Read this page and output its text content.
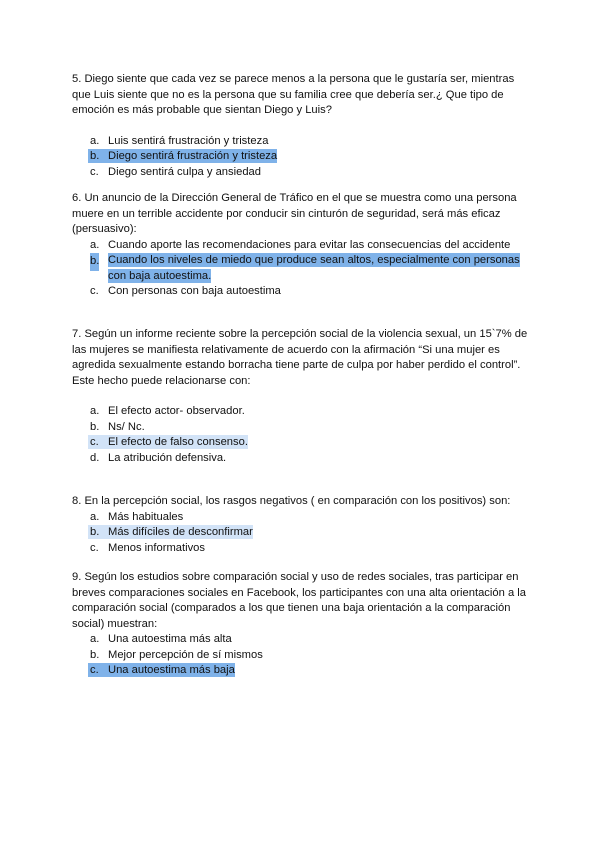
5. Diego siente que cada vez se parece menos a la persona que le gustaría ser, mientras que Luis siente que no es la persona que su familia cree que debería ser.¿ Que tipo de emoción es más probable que sientan Diego y Luis?

a. Luis sentirá frustración y tristeza
b. Diego sentirá frustración y tristeza
c. Diego sentirá culpa y ansiedad

6. Un anuncio de la Dirección General de Tráfico en el que se muestra como una persona muere en un terrible accidente por conducir sin cinturón de seguridad, será más eficaz (persuasivo):

a. Cuando aporte las recomendaciones para evitar las consecuencias del accidente
b. Cuando los niveles de miedo que produce sean altos, especialmente con personas con baja autoestima.
c. Con personas con baja autoestima

7. Según un informe reciente sobre la percepción social de la violencia sexual, un 15`7% de las mujeres se manifiesta relativamente de acuerdo con la afirmación “Si una mujer es agredida sexualmente estando borracha tiene parte de culpa por haber perdido el control”. Este hecho puede relacionarse con:

a. El efecto actor- observador.
b. Ns/ Nc.
c. El efecto de falso consenso.
d. La atribución defensiva.

8. En la percepción social, los rasgos negativos ( en comparación con los positivos) son:

a. Más habituales
b. Más difíciles de desconfirmar
c. Menos informativos

9. Según los estudios sobre comparación social y uso de redes sociales, tras participar en breves comparaciones sociales en Facebook, los participantes con una alta orientación a la comparación social (comparados a los que tienen una baja orientación a la comparación social) muestran:

a. Una autoestima más alta
b. Mejor percepción de sí mismos
c. Una autoestima más baja
